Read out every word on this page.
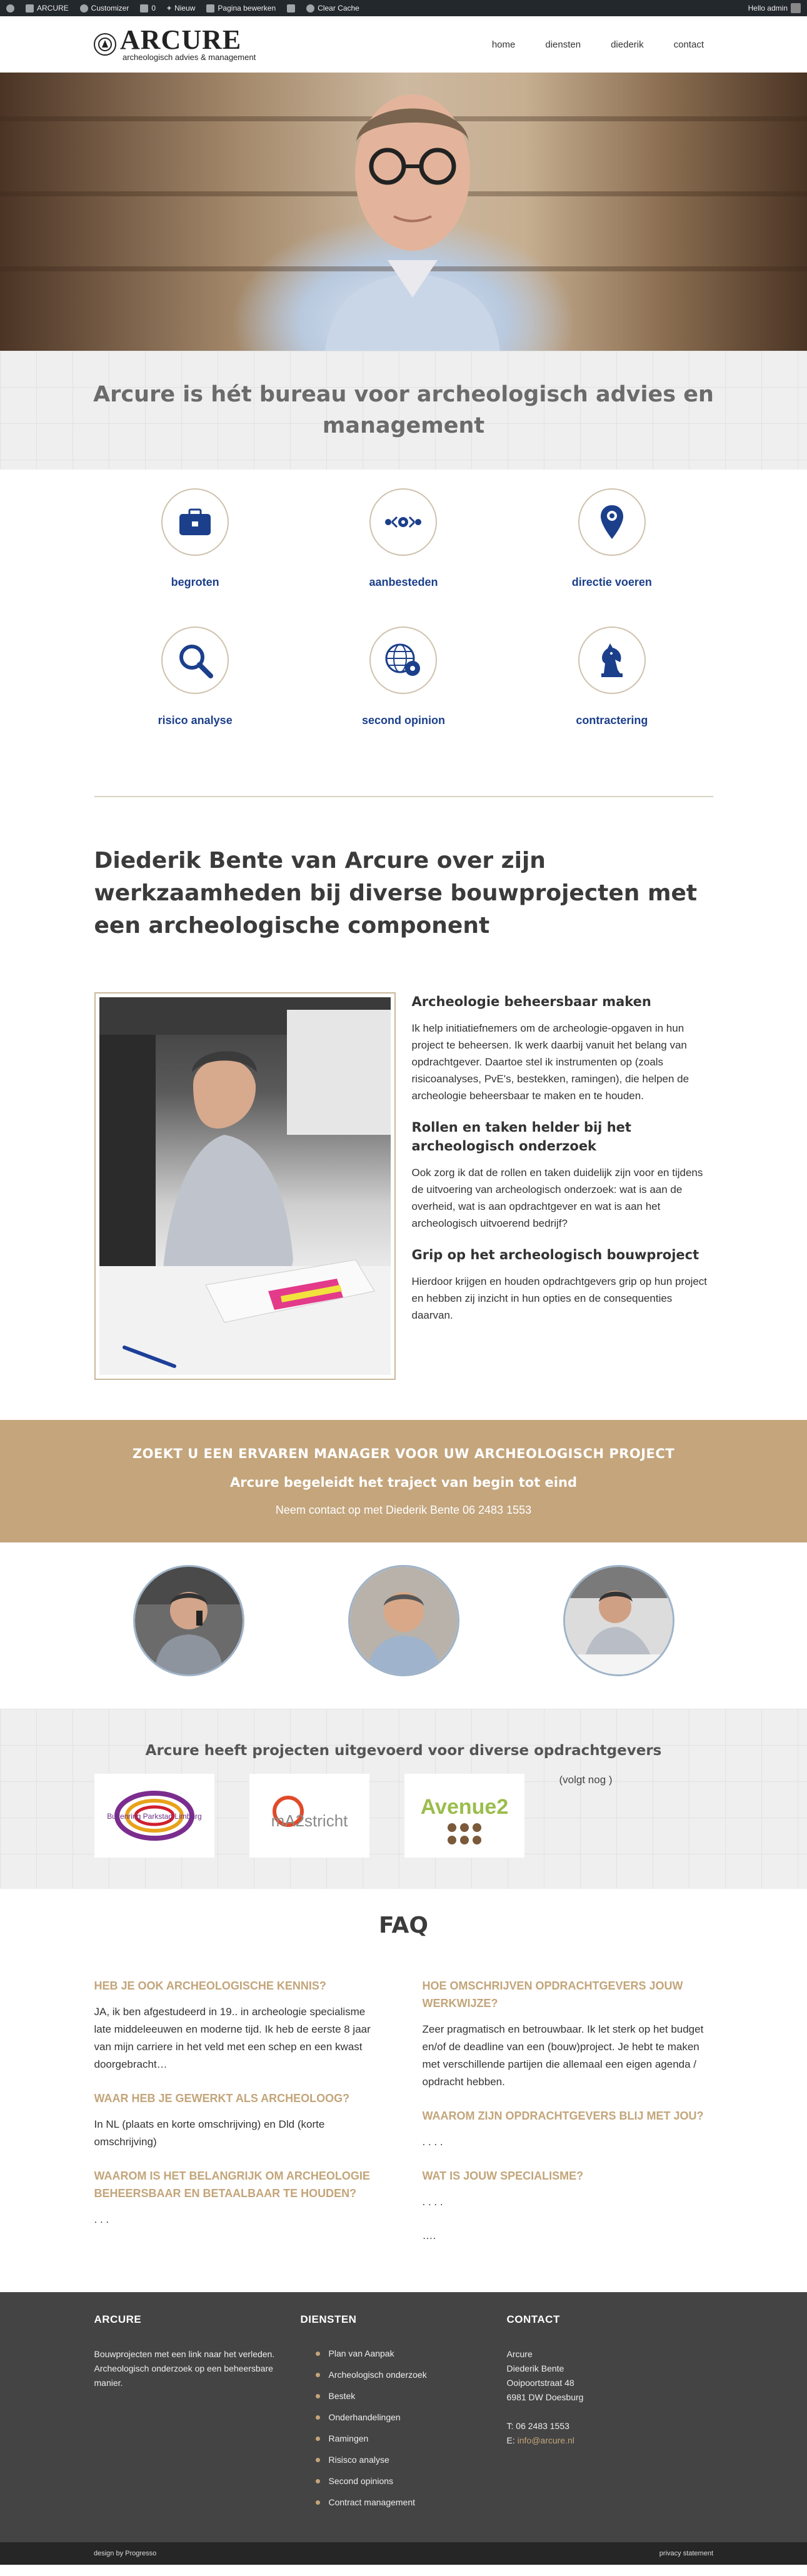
ARCURE	Customizer	0 + Nieuw	Pagina bewerken	Clear Cache	Hello admin
ARCURE
archeologisch advies & management
home	diensten	diederik	contact
Arcure is hét bureau voor archeologisch advies en management
begroten	aanbesteden	directie voeren
risico analyse	second opinion	contractering
Diederik Bente van Arcure over zijn werkzaamheden bij diverse bouwprojecten met een archeologische component
Archeologie beheersbaar maken

Ik help initiatiefnemers om de archeologie-opgaven in hun project te beheersen. Ik werk daarbij vanuit het belang van opdrachtgever. Daartoe stel ik instrumenten op (zoals risicoanalyses, PvE's, bestekken, ramingen), die helpen de archeologie beheersbaar te maken en te houden.

Rollen en taken helder bij het archeologisch onderzoek

Ook zorg ik dat de rollen en taken duidelijk zijn voor en tijdens de uitvoering van archeologisch onderzoek: wat is aan de overheid, wat is aan opdrachtgever en wat is aan het archeologisch uitvoerend bedrijf?

Grip op het archeologisch bouwproject

Hierdoor krijgen en houden opdrachtgevers grip op hun project en hebben zij inzicht in hun opties en de consequenties daarvan.

ZOEKT U EEN ERVAREN MANAGER VOOR UW ARCHEOLOGISCH PROJECT
Arcure begeleidt het traject van begin tot eind
Neem contact op met Diederik Bente 06 2483 1553
Arcure heeft projecten uitgevoerd voor diverse opdrachtgevers
Buitenring Parkstad Limburg	mA2stricht
Avenue2
(volgt nog )
FAQ
HEB JE OOK ARCHEOLOGISCHE KENNIS?
JA, ik ben afgestudeerd in 19.. in archeologie specialisme late middeleeuwen en moderne tijd. Ik heb de eerste 8 jaar van mijn carriere in het veld met een schep en een kwast doorgebracht…
WAAR HEB JE GEWERKT ALS ARCHEOLOOG?
In NL (plaats en korte omschrijving) en Dld (korte omschrijving)
WAAROM IS HET BELANGRIJK OM ARCHEOLOGIE BEHEERSBAAR EN BETAALBAAR TE HOUDEN?
. . .
HOE OMSCHRIJVEN OPDRACHTGEVERS JOUW WERKWIJZE?
Zeer pragmatisch en betrouwbaar. Ik let sterk op het budget en/of de deadline van een (bouw)project. Je hebt te maken met verschillende partijen die allemaal een eigen agenda / opdracht hebben.
WAAROM ZIJN OPDRACHTGEVERS BLIJ MET JOU?
. . . .
WAT IS JOUW SPECIALISME?
. . . .
….
ARCURE

Bouwprojecten met een link naar het verleden. Archeologisch onderzoek op een beheersbare manier.

DIENSTEN
Plan van Aanpak
Archeologisch onderzoek
Bestek
Onderhandelingen
Ramingen
Risisco analyse
Second opinions
Contract management
CONTACT

Arcure

Diederik Bente

Ooipoortstraat 48

6981 DW Doesburg

T: 06 2483 1553

E: info@arcure.nl

design by Progresso	privacy statement
